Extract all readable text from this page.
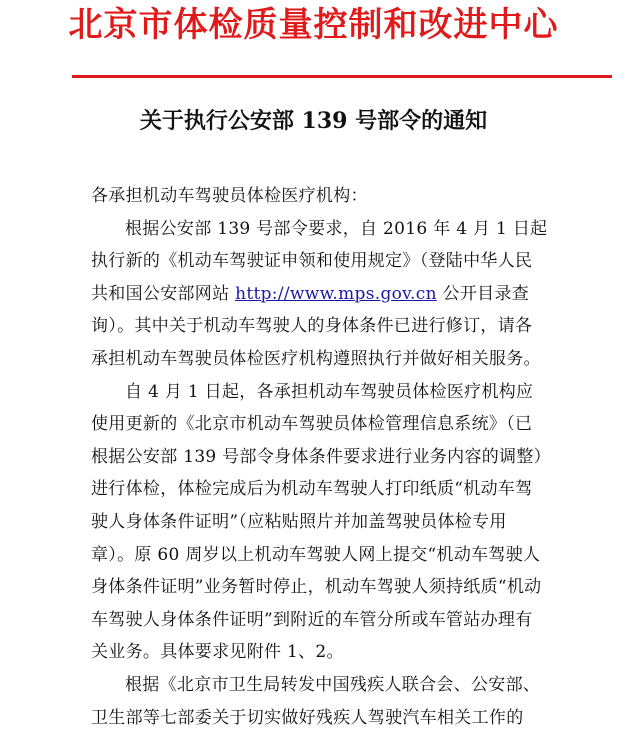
北京市体检质量控制和改进中心
关于执行公安部 139 号部令的通知

各承担机动车驾驶员体检医疗机构：

根据公安部 139 号部令要求，自 2016 年 4 月 1 日起执行新的《机动车驾驶证申领和使用规定》（登陆中华人民共和国公安部网站 http://www.mps.gov.cn 公开目录查询）。其中关于机动车驾驶人的身体条件已进行修订，请各承担机动车驾驶员体检医疗机构遵照执行并做好相关服务。

自 4 月 1 日起，各承担机动车驾驶员体检医疗机构应使用更新的《北京市机动车驾驶员体检管理信息系统》（已根据公安部 139 号部令身体条件要求进行业务内容的调整）进行体检，体检完成后为机动车驾驶人打印纸质“机动车驾驶人身体条件证明”（应粘贴照片并加盖驾驶员体检专用章）。原 60 周岁以上机动车驾驶人网上提交“机动车驾驶人身体条件证明”业务暂时停止，机动车驾驶人须持纸质“机动车驾驶人身体条件证明”到附近的车管分所或车管站办理有关业务。具体要求见附件 1、2。

根据《北京市卫生局转发中国残疾人联合会、公安部、卫生部等七部委关于切实做好残疾人驾驶汽车相关工作的
